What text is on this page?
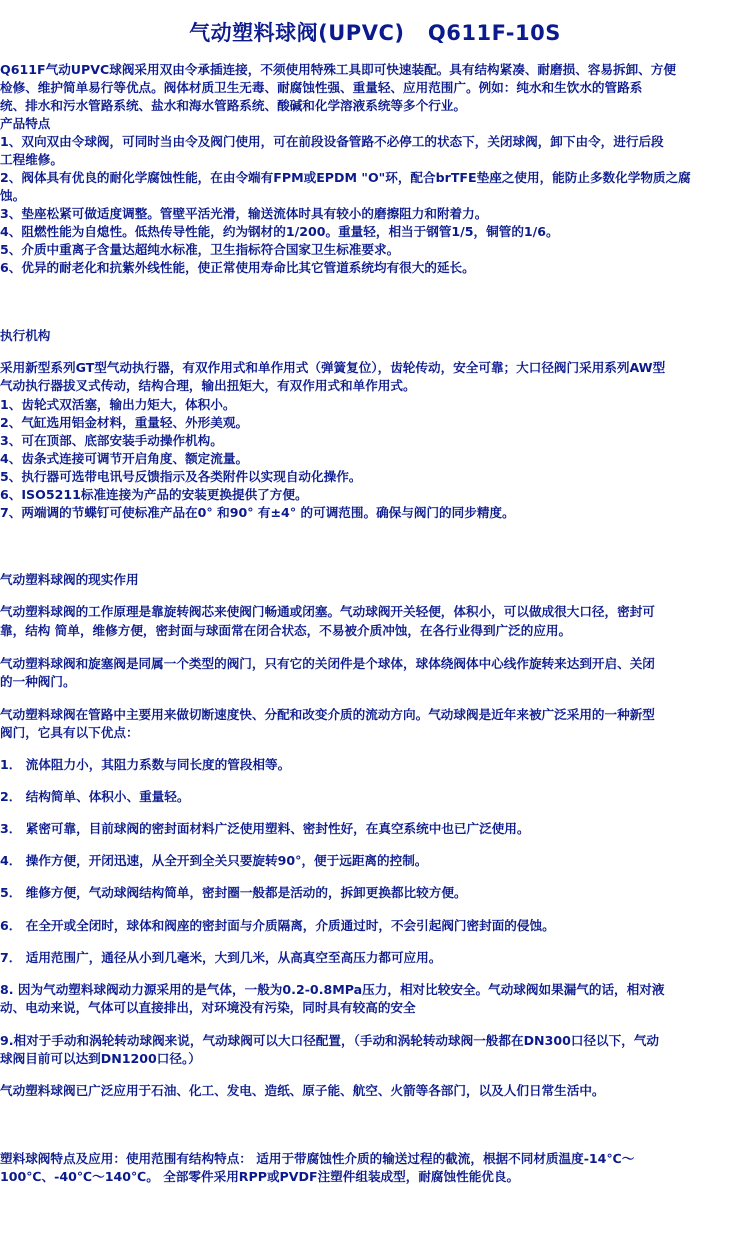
气动塑料球阀(UPVC)   Q611F-10S
Q611F气动UPVC球阀采用双由令承插连接，不须使用特殊工具即可快速装配。具有结构紧凑、耐磨损、容易拆卸、方便
检修、维护简单易行等优点。阀体材质卫生无毒、耐腐蚀性强、重量轻、应用范围广。例如：纯水和生饮水的管路系
统、排水和污水管路系统、盐水和海水管路系统、酸碱和化学溶液系统等多个行业。
产品特点
1、双向双由令球阀，可同时当由令及阀门使用，可在前段设备管路不必停工的状态下，关闭球阀，卸下由令，进行后段
工程维修。
2、阀体具有优良的耐化学腐蚀性能，在由令端有FPM或EPDM "O"环，配合brTFE垫座之使用，能防止多数化学物质之腐
蚀。
3、垫座松紧可做适度调整。管壁平活光滑，输送流体时具有较小的磨擦阻力和附着力。
4、阻燃性能为自熄性。低热传导性能，约为钢材的1/200。重量轻，相当于钢管1/5，铜管的1/6。
5、介质中重离子含量达超纯水标准，卫生指标符合国家卫生标准要求。
6、优异的耐老化和抗紫外线性能，使正常使用寿命比其它管道系统均有很大的延长。
执行机构
采用新型系列GT型气动执行器，有双作用式和单作用式（弹簧复位），齿轮传动，安全可靠；大口径阀门采用系列AW型
气动执行器拔叉式传动，结构合理，输出扭矩大，有双作用式和单作用式。
1、齿轮式双活塞，输出力矩大，体积小。
2、气缸选用铝金材料，重量轻、外形美观。
3、可在顶部、底部安装手动操作机构。
4、齿条式连接可调节开启角度、额定流量。
5、执行器可选带电讯号反馈指示及各类附件以实现自动化操作。
6、ISO5211标准连接为产品的安装更换提供了方便。
7、两端调的节蝶钉可使标准产品在0° 和90° 有±4° 的可调范围。确保与阀门的同步精度。
气动塑料球阀的现实作用
气动塑料球阀的工作原理是靠旋转阀芯来使阀门畅通或闭塞。气动球阀开关轻便，体积小，可以做成很大口径，密封可
靠，结构 简单，维修方便，密封面与球面常在闭合状态，不易被介质冲蚀，在各行业得到广泛的应用。
气动塑料球阀和旋塞阀是同属一个类型的阀门，只有它的关闭件是个球体，球体绕阀体中心线作旋转来达到开启、关闭
的一种阀门。
气动塑料球阀在管路中主要用来做切断速度快、分配和改变介质的流动方向。气动球阀是近年来被广泛采用的一种新型
阀门，它具有以下优点：
1． 流体阻力小，其阻力系数与同长度的管段相等。
2． 结构简单、体积小、重量轻。
3． 紧密可靠，目前球阀的密封面材料广泛使用塑料、密封性好，在真空系统中也已广泛使用。
4． 操作方便，开闭迅速，从全开到全关只要旋转90°，便于远距离的控制。
5． 维修方便，气动球阀结构简单，密封圈一般都是活动的，拆卸更换都比较方便。
6． 在全开或全闭时，球体和阀座的密封面与介质隔离，介质通过时，不会引起阀门密封面的侵蚀。
7． 适用范围广，通径从小到几毫米，大到几米，从高真空至高压力都可应用。
8. 因为气动塑料球阀动力源采用的是气体，一般为0.2-0.8MPa压力，相对比较安全。气动球阀如果漏气的话，相对液
动、电动来说，气体可以直接排出，对环境没有污染，同时具有较高的安全
9.相对于手动和涡轮转动球阀来说，气动球阀可以大口径配置，（手动和涡轮转动球阀一般都在DN300口径以下，气动
球阀目前可以达到DN1200口径。）
气动塑料球阀已广泛应用于石油、化工、发电、造纸、原子能、航空、火箭等各部门，以及人们日常生活中。
塑料球阀特点及应用：使用范围有结构特点： 适用于带腐蚀性介质的输送过程的截流，根据不同材质温度-14℃～
100℃、-40℃～140℃。 全部零件采用RPP或PVDF注塑件组装成型，耐腐蚀性能优良。
